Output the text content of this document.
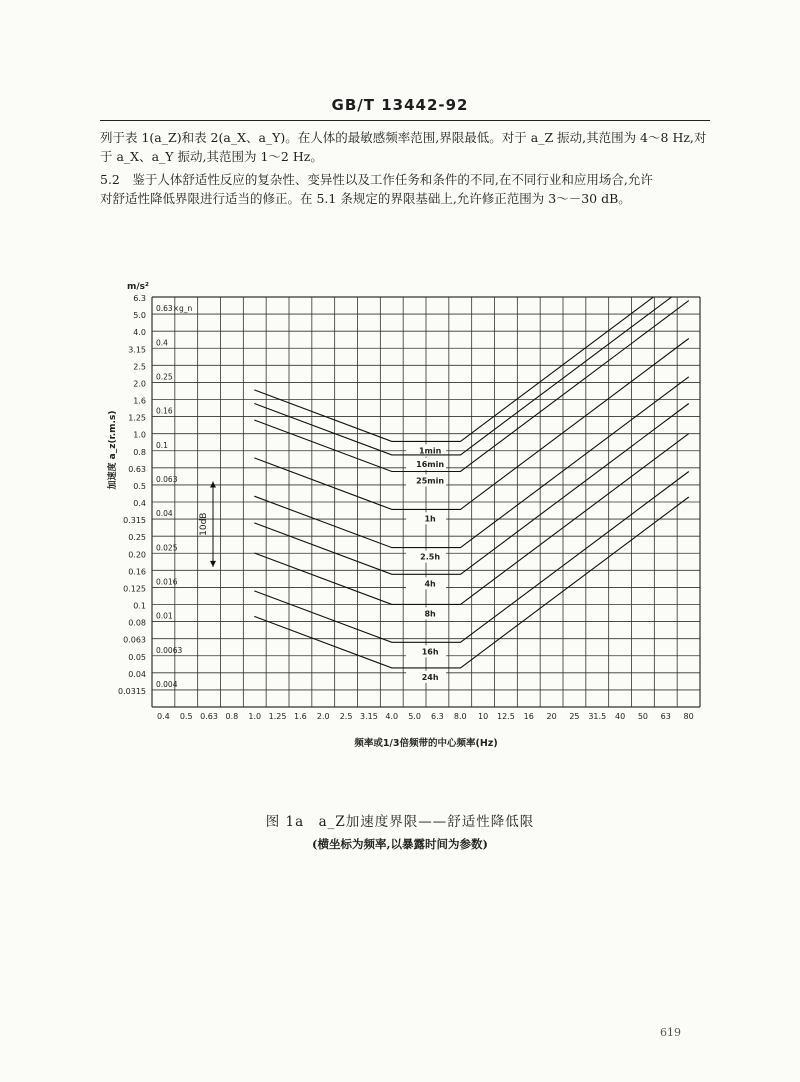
GB/T 13442-92
列于表 1(a_Z)和表 2(a_X、a_Y)。在人体的最敏感频率范围,界限最低。对于 a_Z 振动,其范围为 4～8 Hz,对
于 a_X、a_Y 振动,其范围为 1～2 Hz。
5.2　鉴于人体舒适性反应的复杂性、变异性以及工作任务和条件的不同,在不同行业和应用场合,允许
对舒适性降低界限进行适当的修正。在 5.1 条规定的界限基础上,允许修正范围为 3～－30 dB。
6.3
5.0
4.0
3.15
2.5
2.0
1.6
1.25
1.0
0.8
0.63
0.5
0.4
0.315
0.25
0.20
0.16
0.125
0.1
0.08
0.063
0.05
0.04
0.0315
0.4 0.5 0.63 0.8 1.0 1.25 1.6 2.0 2.5 3.15 4.0 5.0 6.3 8.0 10 12.5 16 20 25 31.5 40 50 63 80
m/s²
加速度 a_z(r.m.s)
频率或1/3倍频带的中心频率(Hz)
0.63×g_n
0.4
0.25
0.16
0.1
0.063
0.04
0.025
0.016
0.01
0.0063
0.004
10dB
1min
16min
25min
1h
2.5h
4h
8h
16h
24h
图 1a　a_Z加速度界限——舒适性降低限
(横坐标为频率,以暴露时间为参数)
619
